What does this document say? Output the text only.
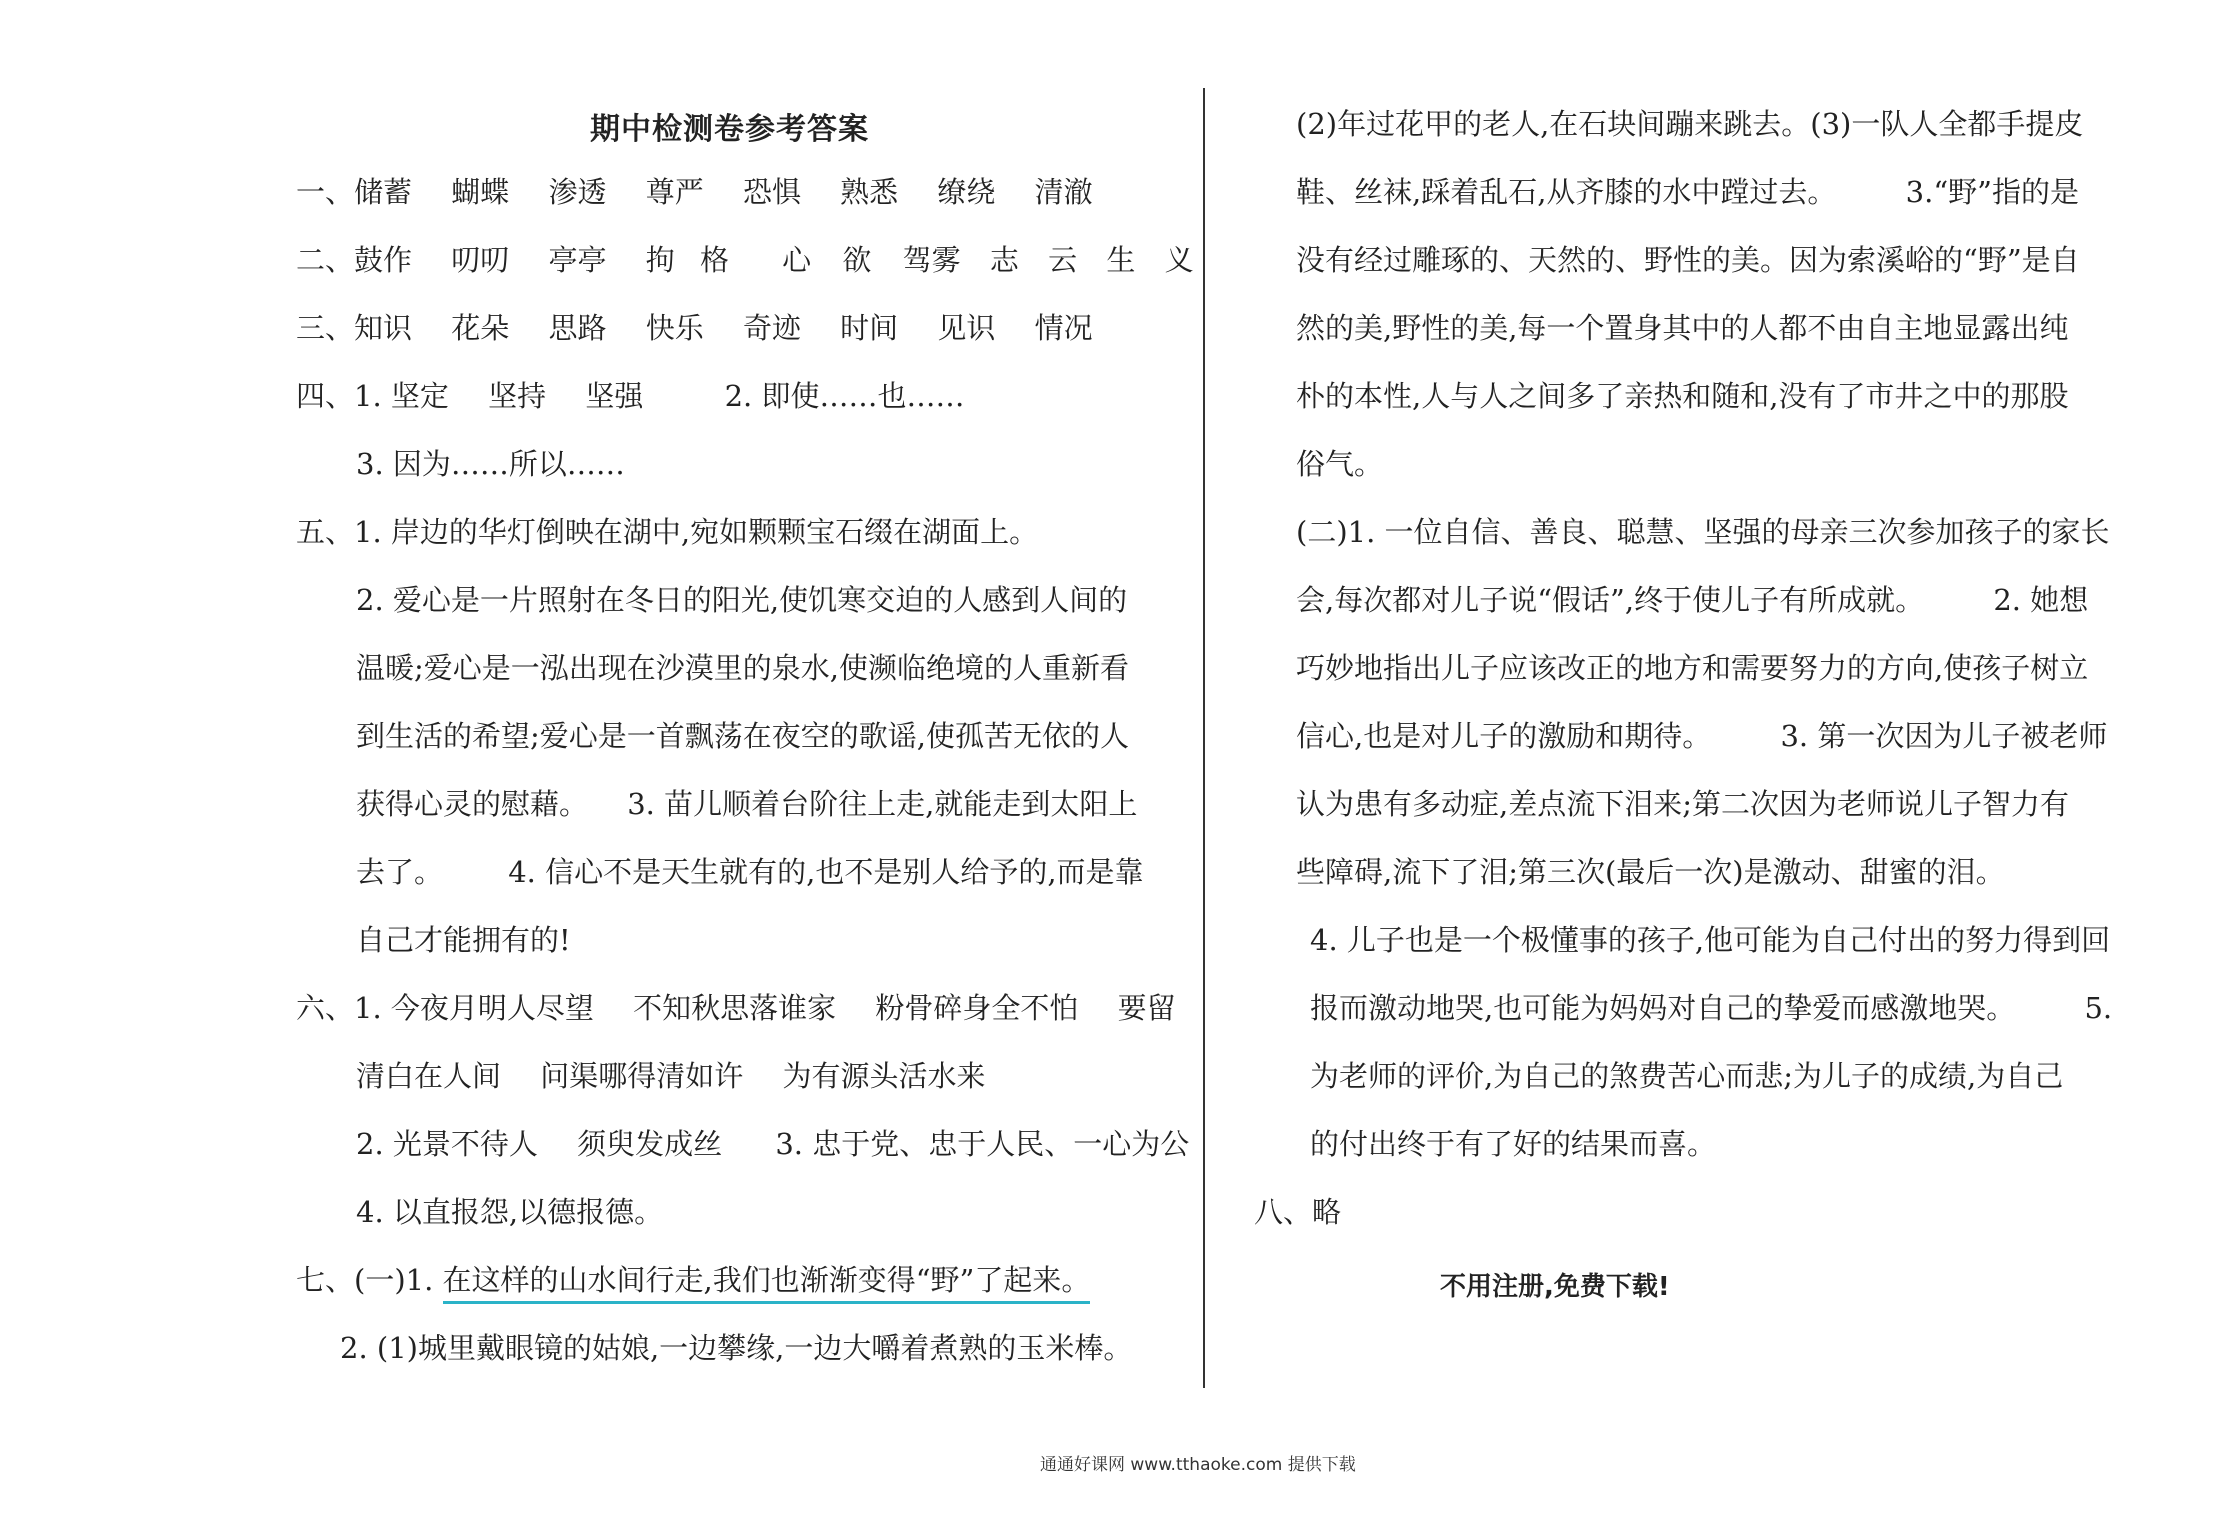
期中检测卷参考答案
一、储蓄 蝴蝶 渗透 尊严 恐惧 熟悉 缭绕 清澈
二、鼓作 叨叨 亭亭 拘 格 心 欲 驾雾 志 云 生 义
三、知识 花朵 思路 快乐 奇迹 时间 见识 情况
四、1. 坚定 坚持 坚强	2. 即使……也……
3. 因为……所以……
五、1. 岸边的华灯倒映在湖中,宛如颗颗宝石缀在湖面上。
2. 爱心是一片照射在冬日的阳光,使饥寒交迫的人感到人间的
温暖;爱心是一泓出现在沙漠里的泉水,使濒临绝境的人重新看
到生活的希望;爱心是一首飘荡在夜空的歌谣,使孤苦无依的人
获得心灵的慰藉。 3. 苗儿顺着台阶往上走,就能走到太阳上
去了。 4. 信心不是天生就有的,也不是别人给予的,而是靠
自己才能拥有的!
六、1. 今夜月明人尽望 不知秋思落谁家 粉骨碎身全不怕 要留
清白在人间 问渠哪得清如许 为有源头活水来
2. 光景不待人 须臾发成丝 3. 忠于党、忠于人民、一心为公
4. 以直报怨,以德报德。
七、(一)1. 在这样的山水间行走,我们也渐渐变得“野”了起来。
2. (1)城里戴眼镜的姑娘,一边攀缘,一边大嚼着煮熟的玉米棒。
(2)年过花甲的老人,在石块间蹦来跳去。(3)一队人全都手提皮
鞋、丝袜,踩着乱石,从齐膝的水中蹚过去。 3.“野”指的是
没有经过雕琢的、天然的、野性的美。因为索溪峪的“野”是自
然的美,野性的美,每一个置身其中的人都不由自主地显露出纯
朴的本性,人与人之间多了亲热和随和,没有了市井之中的那股
俗气。
(二)1. 一位自信、善良、聪慧、坚强的母亲三次参加孩子的家长
会,每次都对儿子说“假话”,终于使儿子有所成就。 2. 她想
巧妙地指出儿子应该改正的地方和需要努力的方向,使孩子树立
信心,也是对儿子的激励和期待。 3. 第一次因为儿子被老师
认为患有多动症,差点流下泪来;第二次因为老师说儿子智力有
些障碍,流下了泪;第三次(最后一次)是激动、甜蜜的泪。
4. 儿子也是一个极懂事的孩子,他可能为自己付出的努力得到回
报而激动地哭,也可能为妈妈对自己的挚爱而感激地哭。 5.
为老师的评价,为自己的煞费苦心而悲;为儿子的成绩,为自己
的付出终于有了好的结果而喜。
八、略
不用注册,免费下载!
通通好课网 www.tthaoke.com 提供下载
